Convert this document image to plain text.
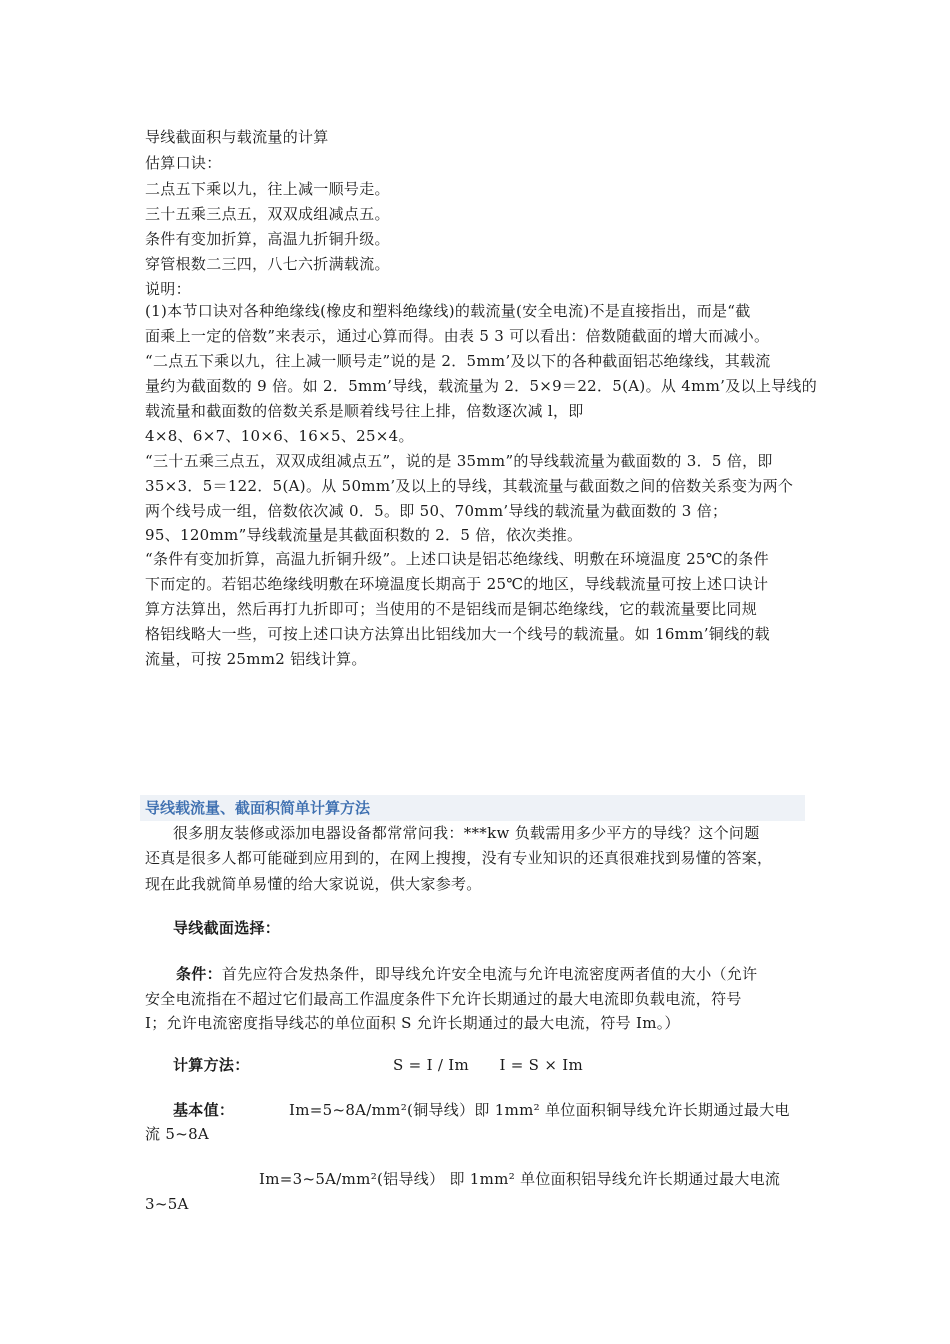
导线截面积与载流量的计算
估算口诀：
二点五下乘以九，往上减一顺号走。
三十五乘三点五，双双成组减点五。
条件有变加折算，高温九折铜升级。
穿管根数二三四，八七六折满载流。
说明：
(1)本节口诀对各种绝缘线(橡皮和塑料绝缘线)的载流量(安全电流)不是直接指出，而是“截
面乘上一定的倍数”来表示，通过心算而得。由表 5 3 可以看出：倍数随截面的增大而减小。
“二点五下乘以九，往上减一顺号走”说的是 2．5mm’及以下的各种截面铝芯绝缘线，其载流
量约为截面数的 9 倍。如 2．5mm’导线，载流量为 2．5×9＝22．5(A)。从 4mm’及以上导线的
载流量和截面数的倍数关系是顺着线号往上排，倍数逐次减 l，即
4×8、6×7、10×6、16×5、25×4。
“三十五乘三点五，双双成组减点五”，说的是 35mm”的导线载流量为截面数的 3．5 倍，即
35×3．5＝122．5(A)。从 50mm’及以上的导线，其载流量与截面数之间的倍数关系变为两个
两个线号成一组，倍数依次减 0．5。即 50、70mm’导线的载流量为截面数的 3 倍；
95、120mm”导线载流量是其截面积数的 2．5 倍，依次类推。
“条件有变加折算，高温九折铜升级”。上述口诀是铝芯绝缘线、明敷在环境温度 25℃的条件
下而定的。若铝芯绝缘线明敷在环境温度长期高于 25℃的地区，导线载流量可按上述口诀计
算方法算出，然后再打九折即可；当使用的不是铝线而是铜芯绝缘线，它的载流量要比同规
格铝线略大一些，可按上述口诀方法算出比铝线加大一个线号的载流量。如 16mm’铜线的载
流量，可按 25mm2 铝线计算。
导线载流量、截面积简单计算方法
很多朋友装修或添加电器设备都常常问我：***kw 负载需用多少平方的导线？这个问题
还真是很多人都可能碰到应用到的，在网上搜搜，没有专业知识的还真很难找到易懂的答案，
现在此我就简单易懂的给大家说说，供大家参考。
导线截面选择：
条件：首先应符合发热条件，即导线允许安全电流与允许电流密度两者值的大小（允许
安全电流指在不超过它们最高工作温度条件下允许长期通过的最大电流即负载电流，符号
I；允许电流密度指导线芯的单位面积 S 允许长期通过的最大电流，符号 Im。）
计算方法：	S = I / Im      I = S × Im
基本值：	Im=5~8A/mm²(铜导线）即 1mm² 单位面积铜导线允许长期通过最大电
流 5~8A
Im=3~5A/mm²(铝导线） 即 1mm² 单位面积铝导线允许长期通过最大电流
3~5A
